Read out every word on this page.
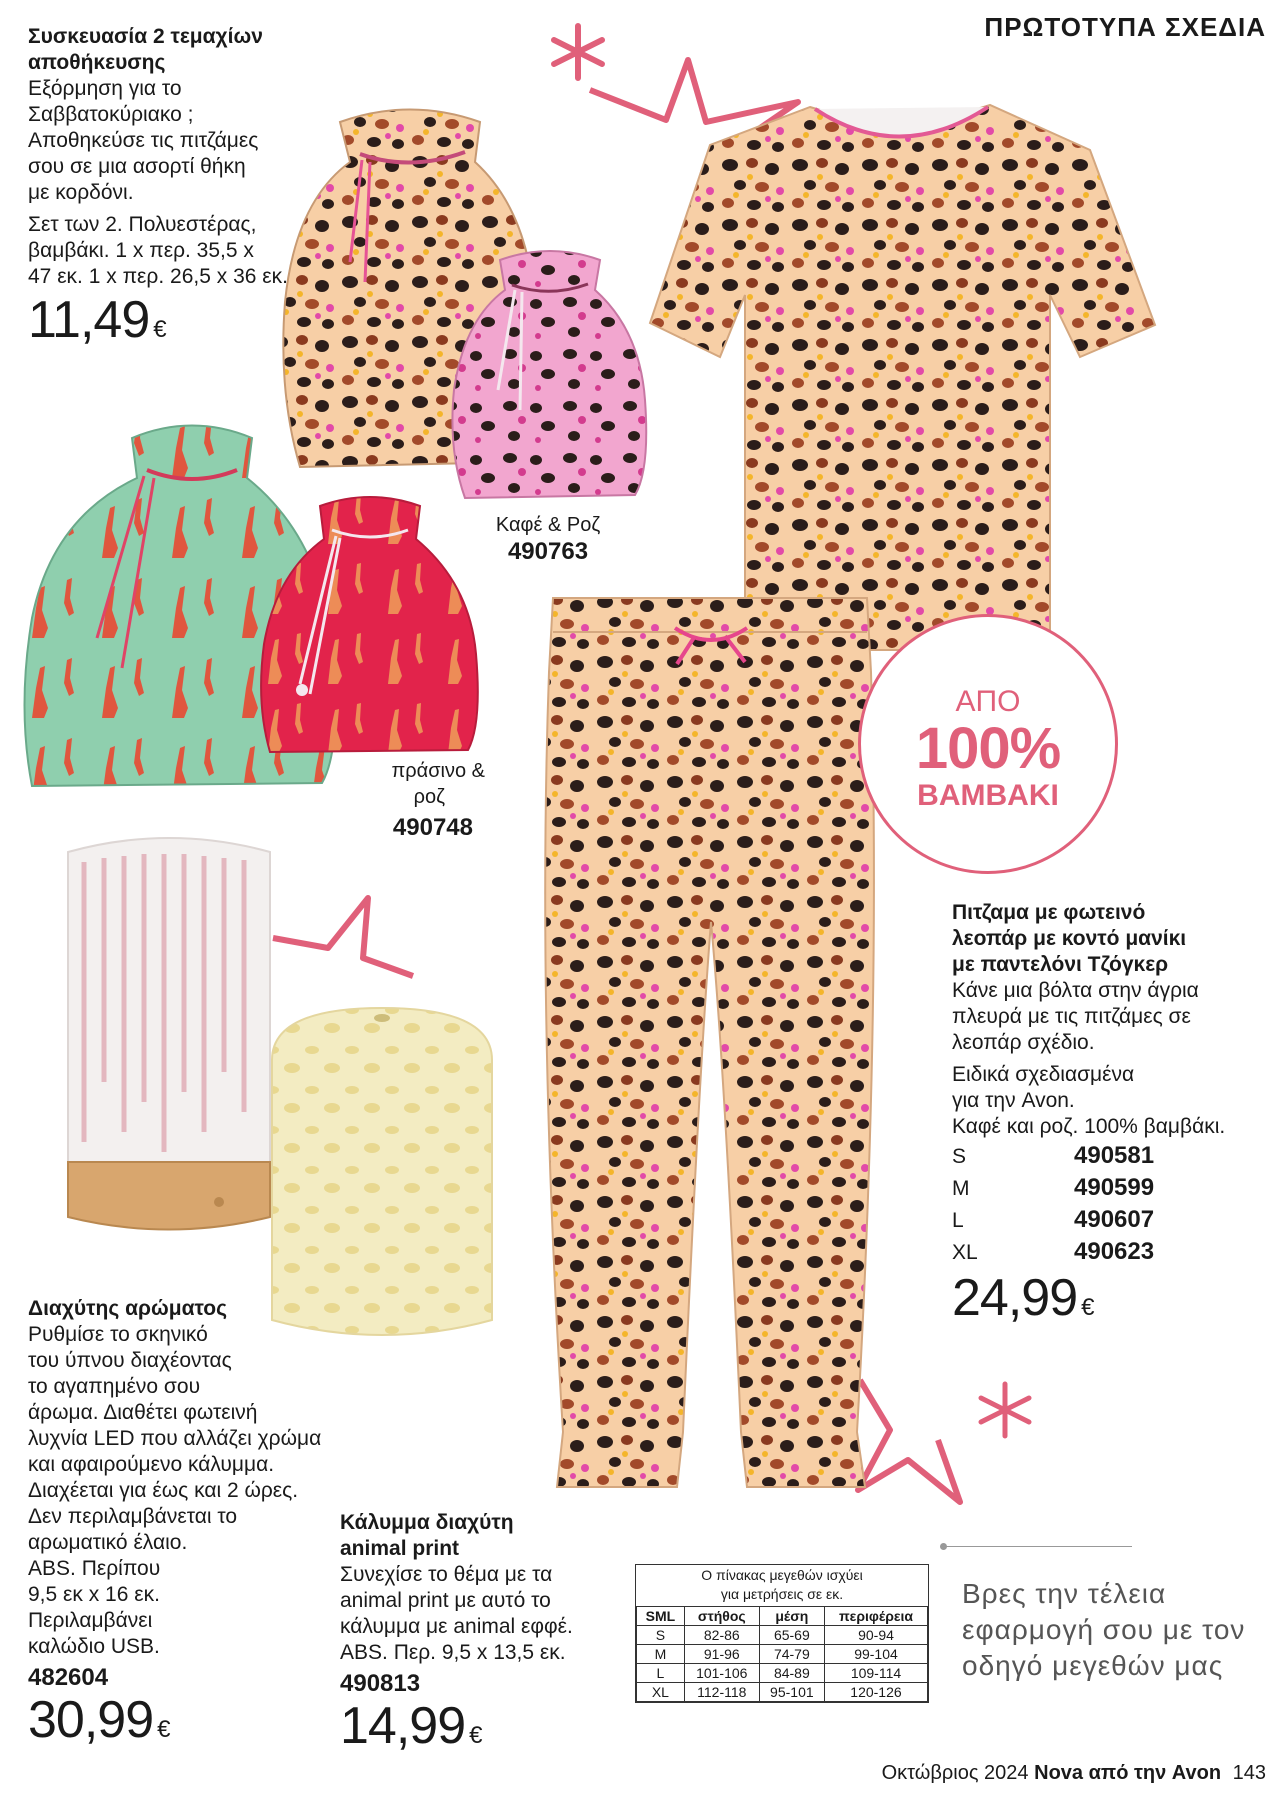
ΠΡΩΤΟΤΥΠΑ ΣΧΕΔΙΑ
Συσκευασία 2 τεμαχίων
αποθήκευσης
Εξόρμηση για το
Σαββατοκύριακο ;
Αποθηκεύσε τις πιτζάμες
σου σε μια ασορτί θήκη
με κορδόνι.
Σετ των 2. Πολυεστέρας,
βαμβάκι. 1 x περ. 35,5 x
47 εκ. 1 x περ. 26,5 x 36 εκ.
11,49 €
Καφέ & Ροζ
490763
πράσινο &
ροζ
490748
ΑΠΟ
100%
ΒΑΜΒΑΚΙ
Πιτζαμα με φωτεινό
λεοπάρ με κοντό μανίκι
με παντελόνι Τζόγκερ
Κάνε μια βόλτα στην άγρια
πλευρά με τις πιτζάμες σε
λεοπάρ σχέδιο.
Ειδικά σχεδιασμένα
για την Avon.
Καφέ και ροζ. 100% βαμβάκι.
S	490581
M	490599
L	490607
XL	490623
24,99 €
Διαχύτης αρώματος
Ρυθμίσε το σκηνικό
του ύπνου διαχέοντας
το αγαπημένο σου
άρωμα. Διαθέτει φωτεινή
λυχνία LED που αλλάζει χρώμα
και αφαιρούμενο κάλυμμα.
Διαχέεται για έως και 2 ώρες.
Δεν περιλαμβάνεται το
αρωματικό έλαιο.
ABS. Περίπου
9,5 εκ x 16 εκ.
Περιλαμβάνει
καλώδιο USB.
482604
30,99 €
Κάλυμμα διαχύτη
animal print
Συνεχίσε το θέμα με τα
animal print με αυτό το
κάλυμμα με animal εφφέ.
ABS. Περ. 9,5 x 13,5 εκ.
490813
14,99 €
Ο πίνακας μεγεθών ισχύει
για μετρήσεις σε εκ.
SML	στήθος	μέση	περιφέρεια
S	82-86	65-69	90-94
M	91-96	74-79	99-104
L	101-106	84-89	109-114
XL	112-118	95-101	120-126
Βρες την τέλεια
εφαρμογή σου με τον
οδηγό μεγεθών μας
Οκτώβριος 2024 Nova από την Avon 143
